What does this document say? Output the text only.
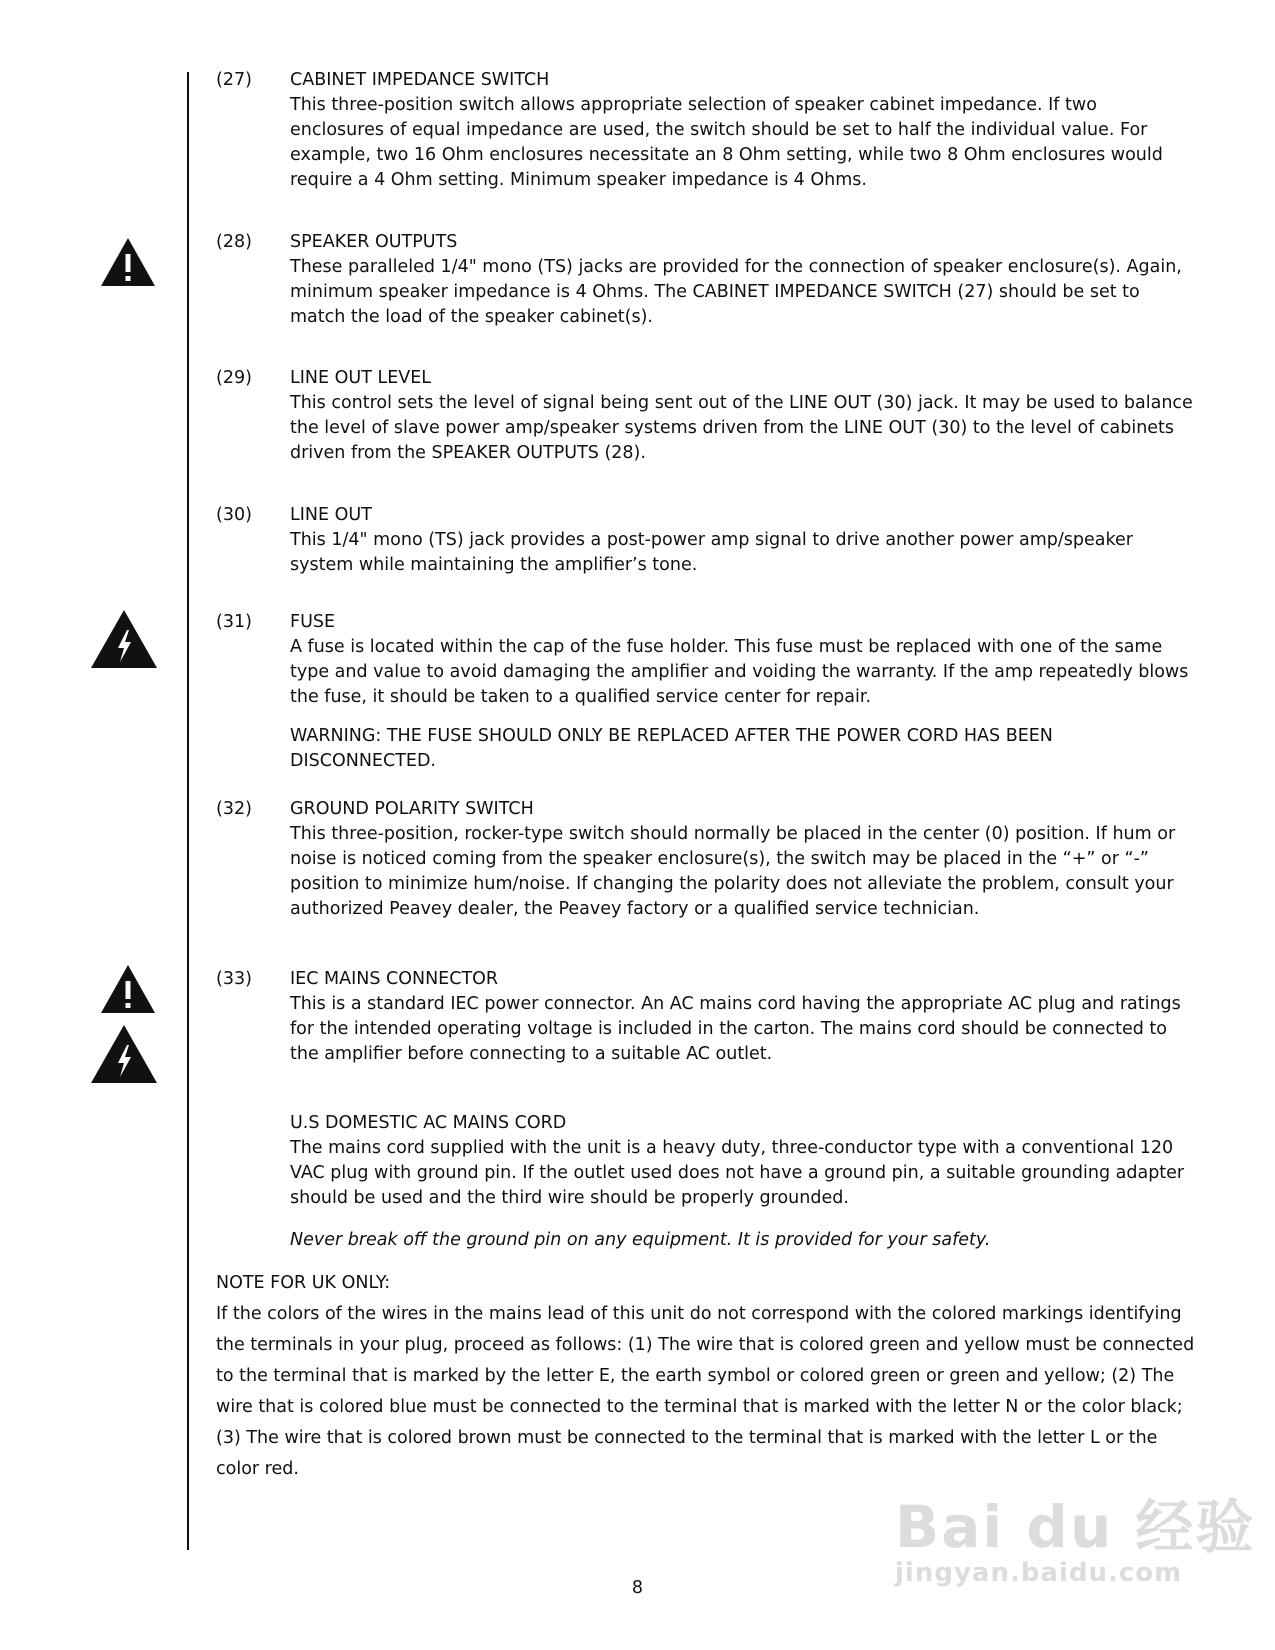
(27) CABINET IMPEDANCE SWITCH

This three-position switch allows appropriate selection of speaker cabinet impedance. If two enclosures of equal impedance are used, the switch should be set to half the individual value. For example, two 16 Ohm enclosures necessitate an 8 Ohm setting, while two 8 Ohm enclosures would require a 4 Ohm setting. Minimum speaker impedance is 4 Ohms.

(28) SPEAKER OUTPUTS

These paralleled 1/4" mono (TS) jacks are provided for the connection of speaker enclosure(s). Again, minimum speaker impedance is 4 Ohms. The CABINET IMPEDANCE SWITCH (27) should be set to match the load of the speaker cabinet(s).

(29) LINE OUT LEVEL

This control sets the level of signal being sent out of the LINE OUT (30) jack. It may be used to balance the level of slave power amp/speaker systems driven from the LINE OUT (30) to the level of cabinets driven from the SPEAKER OUTPUTS (28).

(30) LINE OUT

This 1/4" mono (TS) jack provides a post-power amp signal to drive another power amp/speaker system while maintaining the amplifier’s tone.

(31) FUSE

A fuse is located within the cap of the fuse holder. This fuse must be replaced with one of the same type and value to avoid damaging the amplifier and voiding the warranty. If the amp repeatedly blows the fuse, it should be taken to a qualified service center for repair.

WARNING: THE FUSE SHOULD ONLY BE REPLACED AFTER THE POWER CORD HAS BEEN DISCONNECTED.

(32) GROUND POLARITY SWITCH

This three-position, rocker-type switch should normally be placed in the center (0) position. If hum or noise is noticed coming from the speaker enclosure(s), the switch may be placed in the “+” or “-” position to minimize hum/noise. If changing the polarity does not alleviate the problem, consult your authorized Peavey dealer, the Peavey factory or a qualified service technician.

(33) IEC MAINS CONNECTOR

This is a standard IEC power connector. An AC mains cord having the appropriate AC plug and ratings for the intended operating voltage is included in the carton. The mains cord should be connected to the amplifier before connecting to a suitable AC outlet.

U.S DOMESTIC AC MAINS CORD

The mains cord supplied with the unit is a heavy duty, three-conductor type with a conventional 120 VAC plug with ground pin. If the outlet used does not have a ground pin, a suitable grounding adapter should be used and the third wire should be properly grounded.

Never break off the ground pin on any equipment. It is provided for your safety.

NOTE FOR UK ONLY:

If the colors of the wires in the mains lead of this unit do not correspond with the colored markings identifying the terminals in your plug, proceed as follows: (1) The wire that is colored green and yellow must be connected to the terminal that is marked by the letter E, the earth symbol or colored green or green and yellow; (2) The wire that is colored blue must be connected to the terminal that is marked with the letter N or the color black; (3) The wire that is colored brown must be connected to the terminal that is marked with the letter L or the color red.

Bai du 经验
jingyan.baidu.com
8
